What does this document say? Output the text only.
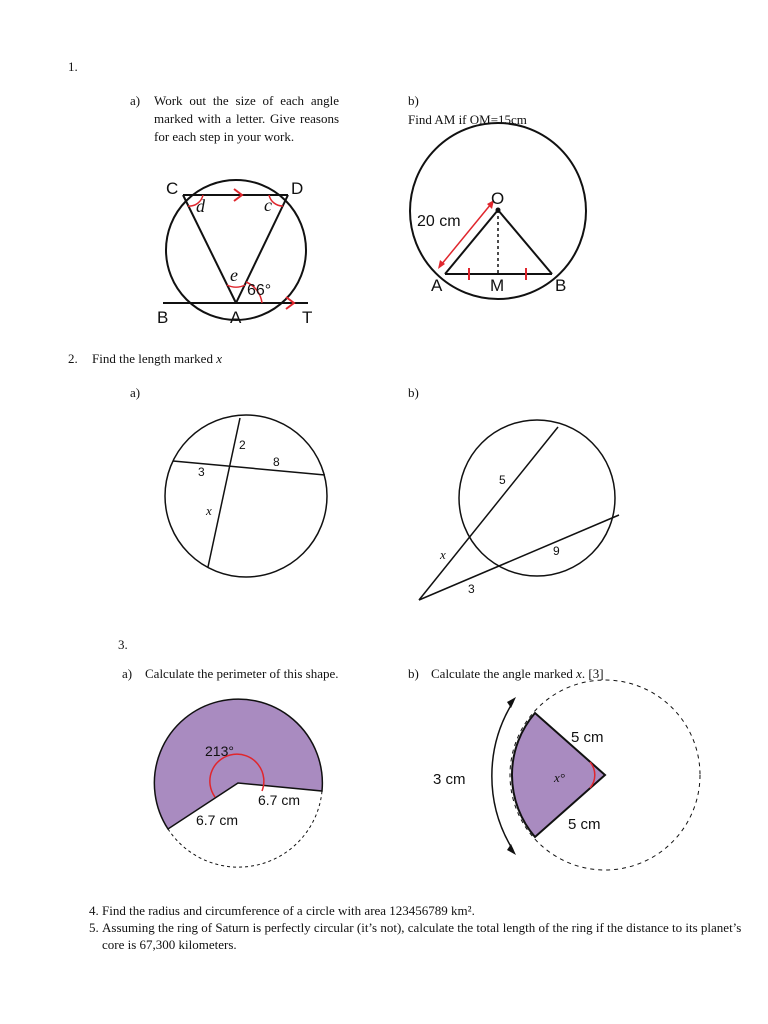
1.
a) Work out the size of each angle marked with a letter. Give reasons for each step in your work.
b)
Find AM if OM=15cm
C	D
d	c
e
66°
B	A	T
O
20 cm
A	M	B
2. Find the length marked x
a)	b)
2
3
8
x
5
x	9
3
3.
a) Calculate the perimeter of this shape.	b) Calculate the angle marked x. [3]
213°
6.7 cm
6.7 cm
5 cm
5 cm
3 cm	x°
4. Find the radius and circumference of a circle with area 123456789 km².
5. Assuming the ring of Saturn is perfectly circular (it’s not), calculate the total length of the ring if the distance to its planet’s core is 67,300 kilometers.
